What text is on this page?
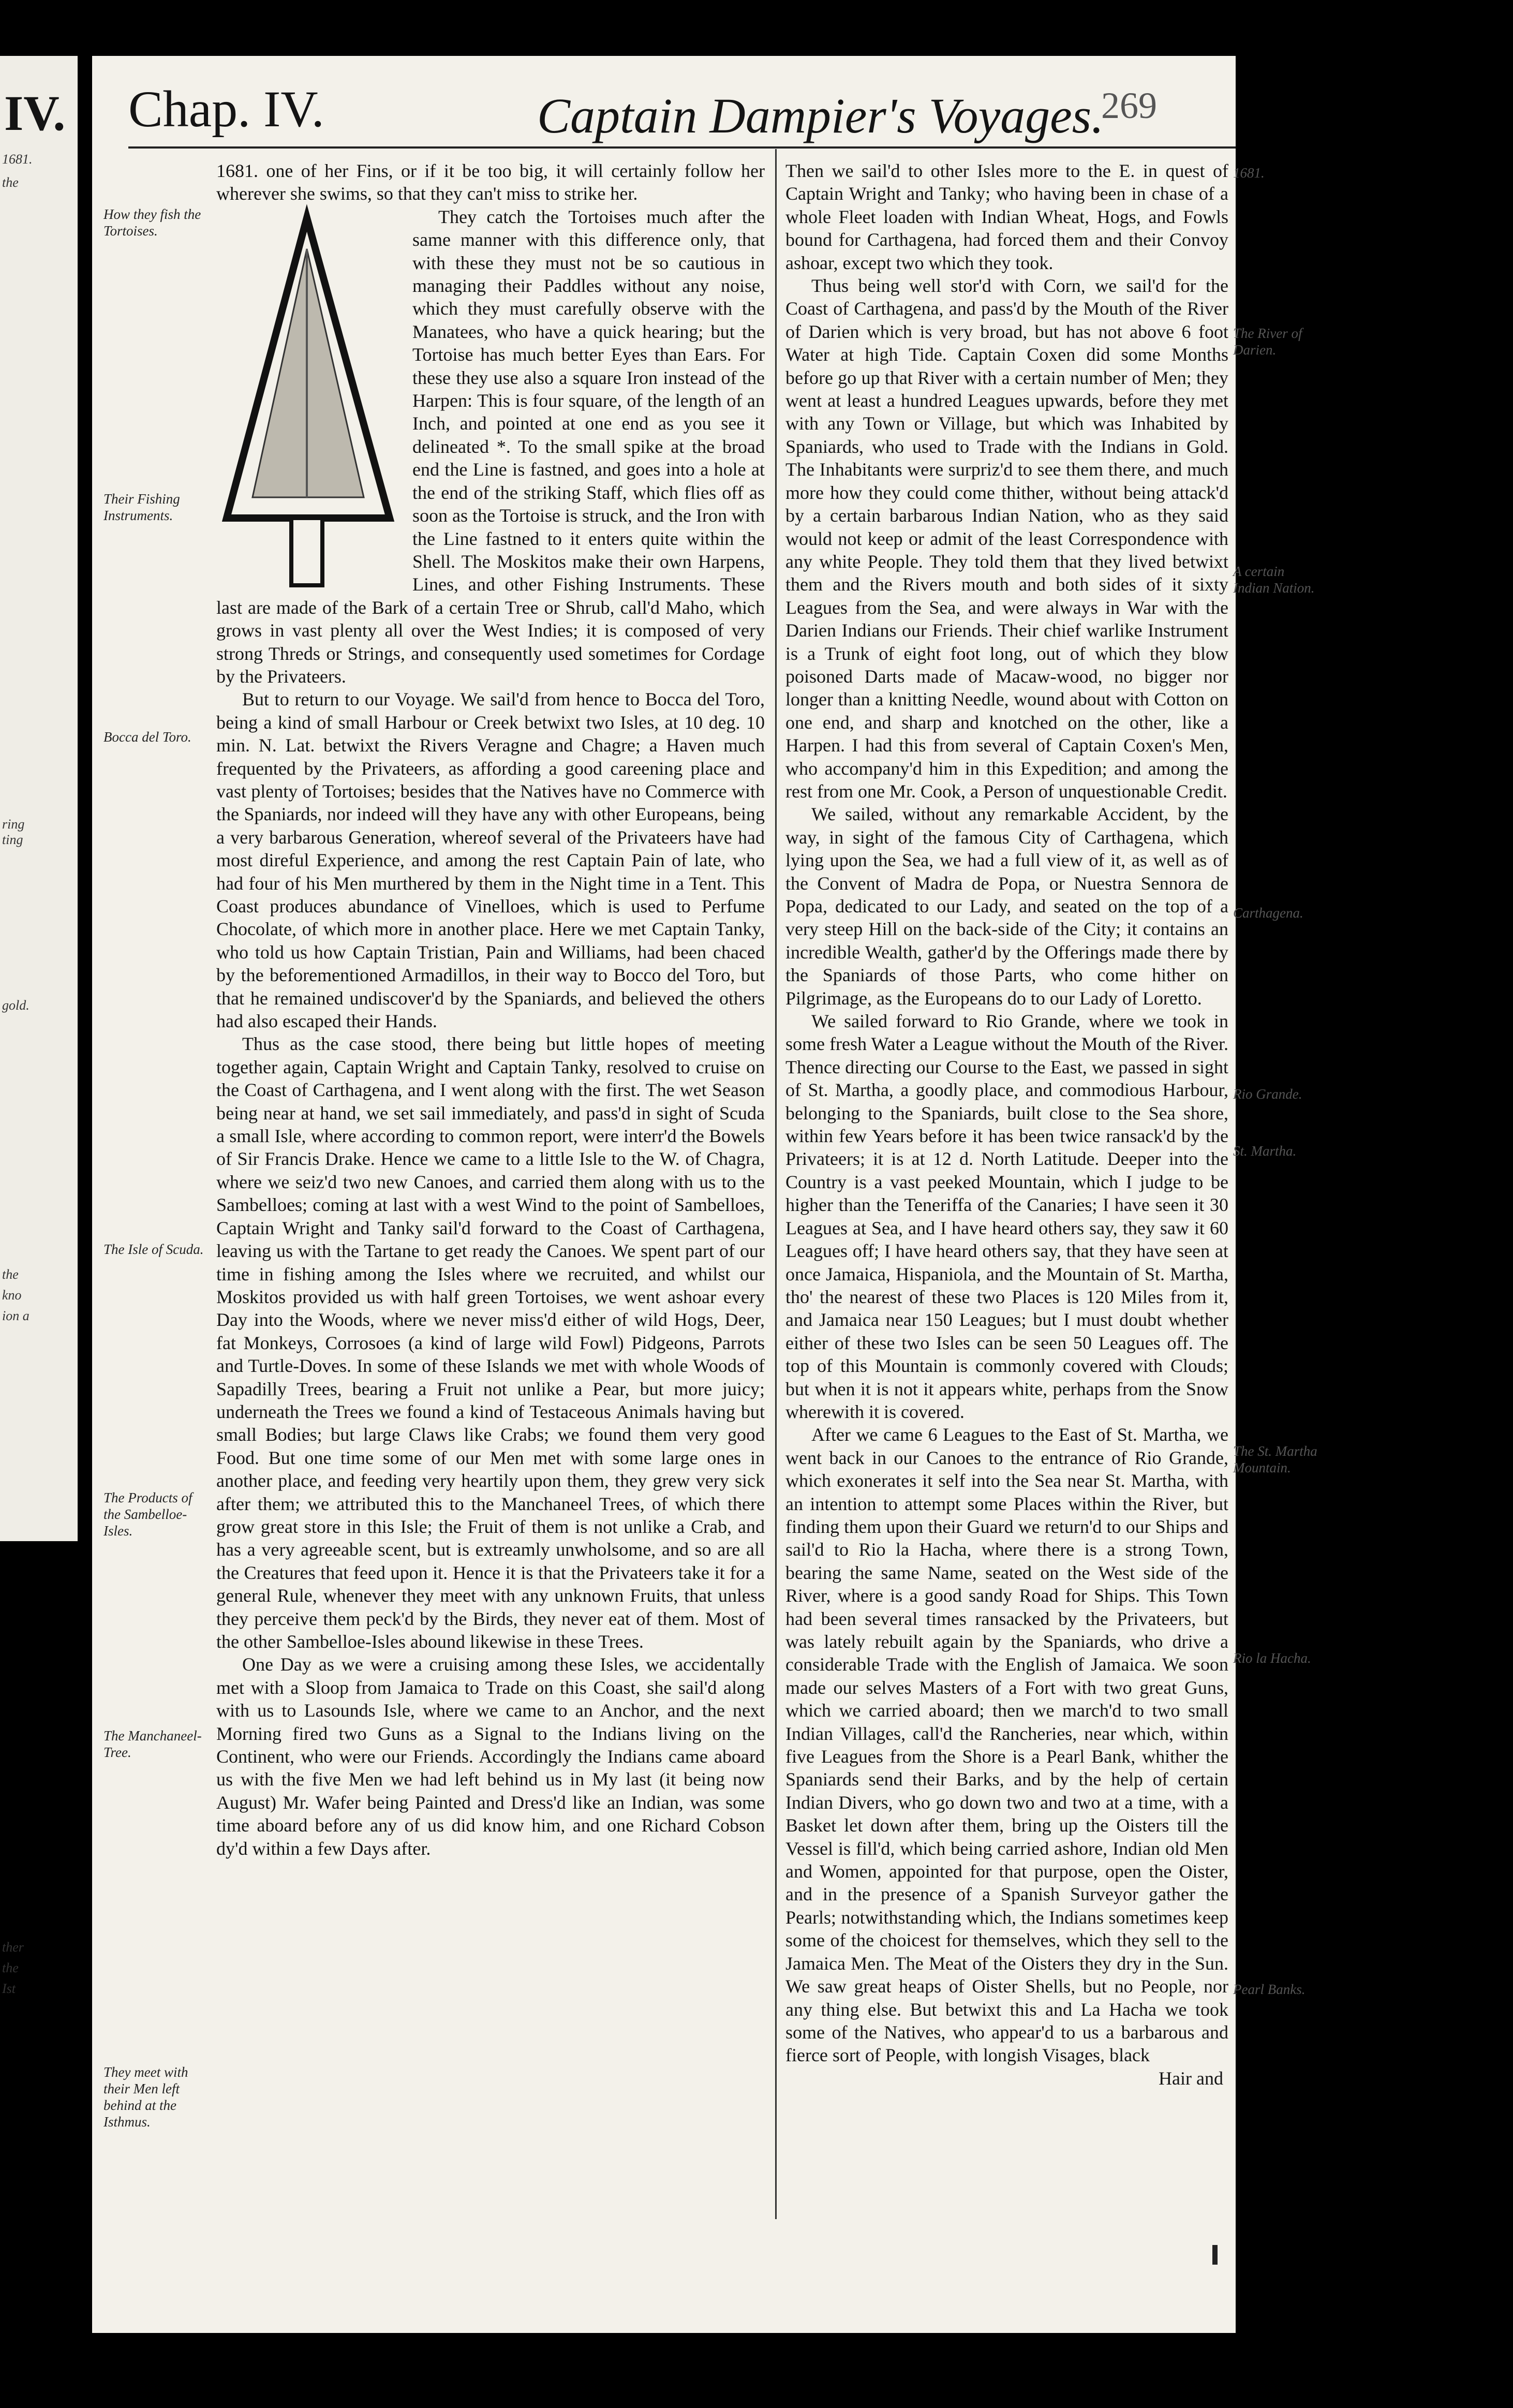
IV.
1681.
the
ring
ting
gold.
the
kno
ion a
ther
the
Ist
Chap. IV.	Captain Dampier's Voyages.
269
How they fish the Tortoises.
Their Fishing Instruments.
Bocca del Toro.
The Isle of Scuda.
The Products of the Sambelloe-Isles.
The Manchaneel-Tree.
They meet with their Men left behind at the Isthmus.
1681.
The River of Darien.
A certain Indian Nation.
Carthagena.
Rio Grande.
St. Martha.
The St. Martha Mountain.
Rio la Hacha.
Pearl Banks.

1681. one of her Fins, or if it be too big, it will certainly follow her wherever she swims, so that they can't miss to strike her.

They catch the Tortoises much after the same manner with this difference only, that with these they must not be so cautious in managing their Paddles without any noise, which they must carefully observe with the Manatees, who have a quick hearing; but the Tortoise has much better Eyes than Ears. For these they use also a square Iron instead of the Harpen: This is four square, of the length of an Inch, and pointed at one end as you see it delineated *. To the small spike at the broad end the Line is fastned, and goes into a hole at the end of the striking Staff, which flies off as soon as the Tortoise is struck, and the Iron with the Line fastned to it enters quite within the Shell. The Moskitos make their own Harpens, Lines, and other Fishing Instruments. These last are made of the Bark of a certain Tree or Shrub, call'd Maho, which grows in vast plenty all over the West Indies; it is composed of very strong Threds or Strings, and consequently used sometimes for Cordage by the Privateers.

But to return to our Voyage. We sail'd from hence to Bocca del Toro, being a kind of small Harbour or Creek betwixt two Isles, at 10 deg. 10 min. N. Lat. betwixt the Rivers Veragne and Chagre; a Haven much frequented by the Privateers, as affording a good careening place and vast plenty of Tortoises; besides that the Natives have no Commerce with the Spaniards, nor indeed will they have any with other Europeans, being a very barbarous Generation, whereof several of the Privateers have had most direful Experience, and among the rest Captain Pain of late, who had four of his Men murthered by them in the Night time in a Tent. This Coast produces abundance of Vinelloes, which is used to Perfume Chocolate, of which more in another place. Here we met Captain Tanky, who told us how Captain Tristian, Pain and Williams, had been chaced by the beforementioned Armadillos, in their way to Bocco del Toro, but that he remained undiscover'd by the Spaniards, and believed the others had also escaped their Hands.

Thus as the case stood, there being but little hopes of meeting together again, Captain Wright and Captain Tanky, resolved to cruise on the Coast of Carthagena, and I went along with the first. The wet Season being near at hand, we set sail immediately, and pass'd in sight of Scuda a small Isle, where according to common report, were interr'd the Bowels of Sir Francis Drake. Hence we came to a little Isle to the W. of Chagra, where we seiz'd two new Canoes, and carried them along with us to the Sambelloes; coming at last with a west Wind to the point of Sambelloes, Captain Wright and Tanky sail'd forward to the Coast of Carthagena, leaving us with the Tartane to get ready the Canoes. We spent part of our time in fishing among the Isles where we recruited, and whilst our Moskitos provided us with half green Tortoises, we went ashoar every Day into the Woods, where we never miss'd either of wild Hogs, Deer, fat Monkeys, Corrosoes (a kind of large wild Fowl) Pidgeons, Parrots and Turtle-Doves. In some of these Islands we met with whole Woods of Sapadilly Trees, bearing a Fruit not unlike a Pear, but more juicy; underneath the Trees we found a kind of Testaceous Animals having but small Bodies; but large Claws like Crabs; we found them very good Food. But one time some of our Men met with some large ones in another place, and feeding very heartily upon them, they grew very sick after them; we attributed this to the Manchaneel Trees, of which there grow great store in this Isle; the Fruit of them is not unlike a Crab, and has a very agreeable scent, but is extreamly unwholsome, and so are all the Creatures that feed upon it. Hence it is that the Privateers take it for a general Rule, whenever they meet with any unknown Fruits, that unless they perceive them peck'd by the Birds, they never eat of them. Most of the other Sambelloe-Isles abound likewise in these Trees.

One Day as we were a cruising among these Isles, we accidentally met with a Sloop from Jamaica to Trade on this Coast, she sail'd along with us to Lasounds Isle, where we came to an Anchor, and the next Morning fired two Guns as a Signal to the Indians living on the Continent, who were our Friends. Accordingly the Indians came aboard us with the five Men we had left behind us in My last (it being now August) Mr. Wafer being Painted and Dress'd like an Indian, was some time aboard before any of us did know him, and one Richard Cobson dy'd within a few Days after.

Then we sail'd to other Isles more to the E. in quest of Captain Wright and Tanky; who having been in chase of a whole Fleet loaden with Indian Wheat, Hogs, and Fowls bound for Carthagena, had forced them and their Convoy ashoar, except two which they took.

Thus being well stor'd with Corn, we sail'd for the Coast of Carthagena, and pass'd by the Mouth of the River of Darien which is very broad, but has not above 6 foot Water at high Tide. Captain Coxen did some Months before go up that River with a certain number of Men; they went at least a hundred Leagues upwards, before they met with any Town or Village, but which was Inhabited by Spaniards, who used to Trade with the Indians in Gold. The Inhabitants were surpriz'd to see them there, and much more how they could come thither, without being attack'd by a certain barbarous Indian Nation, who as they said would not keep or admit of the least Correspondence with any white People. They told them that they lived betwixt them and the Rivers mouth and both sides of it sixty Leagues from the Sea, and were always in War with the Darien Indians our Friends. Their chief warlike Instrument is a Trunk of eight foot long, out of which they blow poisoned Darts made of Macaw-wood, no bigger nor longer than a knitting Needle, wound about with Cotton on one end, and sharp and knotched on the other, like a Harpen. I had this from several of Captain Coxen's Men, who accompany'd him in this Expedition; and among the rest from one Mr. Cook, a Person of unquestionable Credit.

We sailed, without any remarkable Accident, by the way, in sight of the famous City of Carthagena, which lying upon the Sea, we had a full view of it, as well as of the Convent of Madra de Popa, or Nuestra Sennora de Popa, dedicated to our Lady, and seated on the top of a very steep Hill on the back-side of the City; it contains an incredible Wealth, gather'd by the Offerings made there by the Spaniards of those Parts, who come hither on Pilgrimage, as the Europeans do to our Lady of Loretto.

We sailed forward to Rio Grande, where we took in some fresh Water a League without the Mouth of the River. Thence directing our Course to the East, we passed in sight of St. Martha, a goodly place, and commodious Harbour, belonging to the Spaniards, built close to the Sea shore, within few Years before it has been twice ransack'd by the Privateers; it is at 12 d. North Latitude. Deeper into the Country is a vast peeked Mountain, which I judge to be higher than the Teneriffa of the Canaries; I have seen it 30 Leagues at Sea, and I have heard others say, they saw it 60 Leagues off; I have heard others say, that they have seen at once Jamaica, Hispaniola, and the Mountain of St. Martha, tho' the nearest of these two Places is 120 Miles from it, and Jamaica near 150 Leagues; but I must doubt whether either of these two Isles can be seen 50 Leagues off. The top of this Mountain is commonly covered with Clouds; but when it is not it appears white, perhaps from the Snow wherewith it is covered.

After we came 6 Leagues to the East of St. Martha, we went back in our Canoes to the entrance of Rio Grande, which exonerates it self into the Sea near St. Martha, with an intention to attempt some Places within the River, but finding them upon their Guard we return'd to our Ships and sail'd to Rio la Hacha, where there is a strong Town, bearing the same Name, seated on the West side of the River, where is a good sandy Road for Ships. This Town had been several times ransacked by the Privateers, but was lately rebuilt again by the Spaniards, who drive a considerable Trade with the English of Jamaica. We soon made our selves Masters of a Fort with two great Guns, which we carried aboard; then we march'd to two small Indian Villages, call'd the Rancheries, near which, within five Leagues from the Shore is a Pearl Bank, whither the Spaniards send their Barks, and by the help of certain Indian Divers, who go down two and two at a time, with a Basket let down after them, bring up the Oisters till the Vessel is fill'd, which being carried ashore, Indian old Men and Women, appointed for that purpose, open the Oister, and in the presence of a Spanish Surveyor gather the Pearls; notwithstanding which, the Indians sometimes keep some of the choicest for themselves, which they sell to the Jamaica Men. The Meat of the Oisters they dry in the Sun. We saw great heaps of Oister Shells, but no People, nor any thing else. But betwixt this and La Hacha we took some of the Natives, who appear'd to us a barbarous and fierce sort of People, with longish Visages, black

Hair and
